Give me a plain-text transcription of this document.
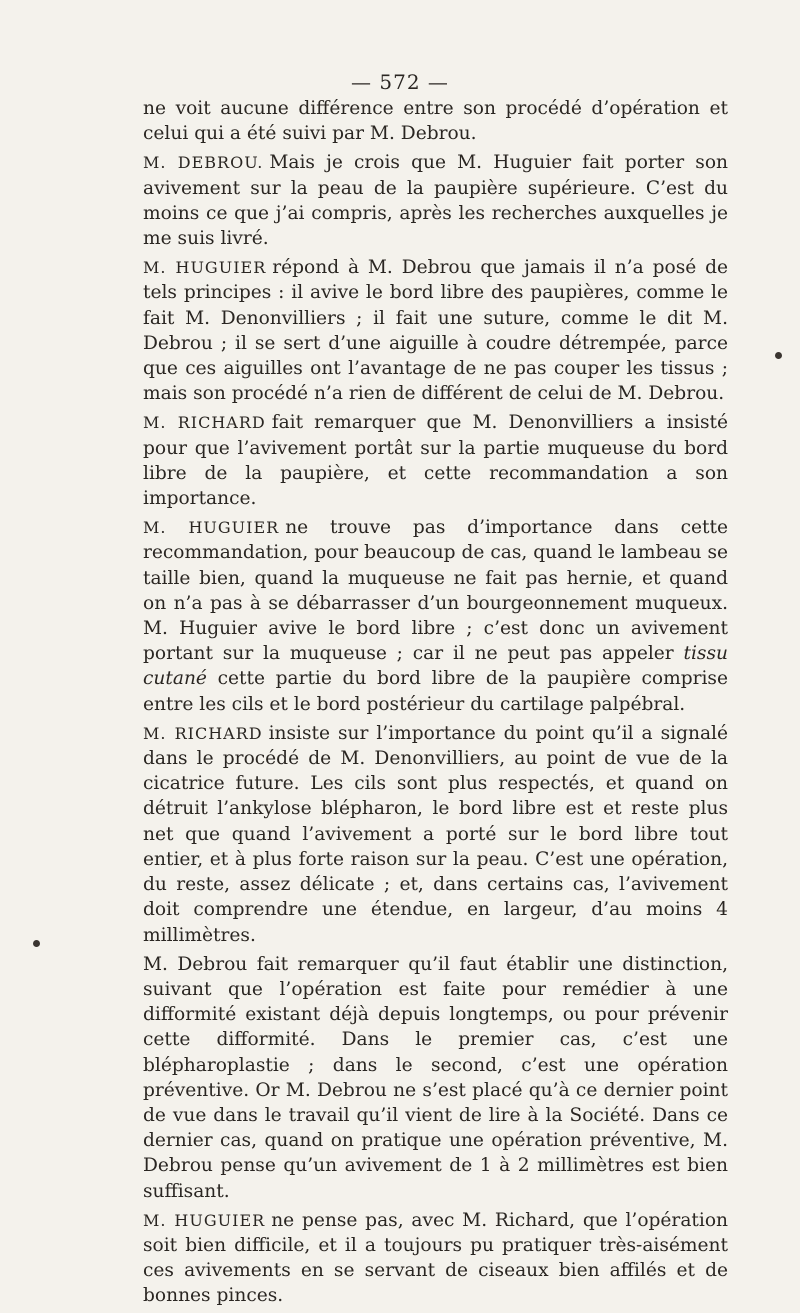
— 572 —

ne voit aucune différence entre son procédé d’opération et celui qui a été suivi par M. Debrou.

M. DEBROU. Mais je crois que M. Huguier fait porter son avivement sur la peau de la paupière supérieure. C’est du moins ce que j’ai compris, après les recherches auxquelles je me suis livré.

M. HUGUIER répond à M. Debrou que jamais il n’a posé de tels principes : il avive le bord libre des paupières, comme le fait M. Denonvilliers ; il fait une suture, comme le dit M. Debrou ; il se sert d’une aiguille à coudre détrempée, parce que ces aiguilles ont l’avantage de ne pas couper les tissus ; mais son procédé n’a rien de différent de celui de M. Debrou.

M. RICHARD fait remarquer que M. Denonvilliers a insisté pour que l’avivement portât sur la partie muqueuse du bord libre de la paupière, et cette recommandation a son importance.

M. HUGUIER ne trouve pas d’importance dans cette recommandation, pour beaucoup de cas, quand le lambeau se taille bien, quand la muqueuse ne fait pas hernie, et quand on n’a pas à se débarrasser d’un bourgeonnement muqueux. M. Huguier avive le bord libre ; c’est donc un avivement portant sur la muqueuse ; car il ne peut pas appeler tissu cutané cette partie du bord libre de la paupière comprise entre les cils et le bord postérieur du cartilage palpébral.

M. RICHARD insiste sur l’importance du point qu’il a signalé dans le procédé de M. Denonvilliers, au point de vue de la cicatrice future. Les cils sont plus respectés, et quand on détruit l’ankylose blépharon, le bord libre est et reste plus net que quand l’avivement a porté sur le bord libre tout entier, et à plus forte raison sur la peau. C’est une opération, du reste, assez délicate ; et, dans certains cas, l’avivement doit comprendre une étendue, en largeur, d’au moins 4 millimètres.

M. Debrou fait remarquer qu’il faut établir une distinction, suivant que l’opération est faite pour remédier à une difformité existant déjà depuis longtemps, ou pour prévenir cette difformité. Dans le premier cas, c’est une blépharoplastie ; dans le second, c’est une opération préventive. Or M. Debrou ne s’est placé qu’à ce dernier point de vue dans le travail qu’il vient de lire à la Société. Dans ce dernier cas, quand on pratique une opération préventive, M. Debrou pense qu’un avivement de 1 à 2 millimètres est bien suffisant.

M. HUGUIER ne pense pas, avec M. Richard, que l’opération soit bien difficile, et il a toujours pu pratiquer très-aisément ces avivements en se servant de ciseaux bien affilés et de bonnes pinces.
